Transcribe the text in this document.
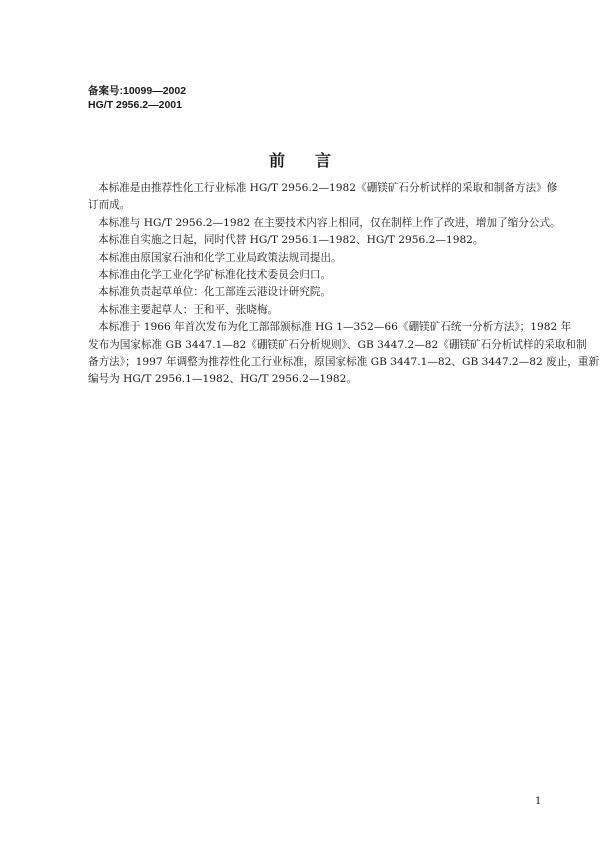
备案号:10099—2002
HG/T 2956.2—2001
前言
本标准是由推荐性化工行业标准 HG/T 2956.2—1982《硼镁矿石分析试样的采取和制备方法》修
订而成。
本标准与 HG/T 2956.2—1982 在主要技术内容上相同，仅在制样上作了改进，增加了缩分公式。
本标准自实施之日起，同时代替 HG/T 2956.1—1982、HG/T 2956.2—1982。
本标准由原国家石油和化学工业局政策法规司提出。
本标准由化学工业化学矿标准化技术委员会归口。
本标准负责起草单位：化工部连云港设计研究院。
本标准主要起草人：王和平、张晓梅。
本标准于 1966 年首次发布为化工部部颁标准 HG 1—352—66《硼镁矿石统一分析方法》；1982 年
发布为国家标准 GB 3447.1—82《硼镁矿石分析规则》、GB 3447.2—82《硼镁矿石分析试样的采取和制
备方法》；1997 年调整为推荐性化工行业标准，原国家标准 GB 3447.1—82、GB 3447.2—82 废止，重新
编号为 HG/T 2956.1—1982、HG/T 2956.2—1982。
1
